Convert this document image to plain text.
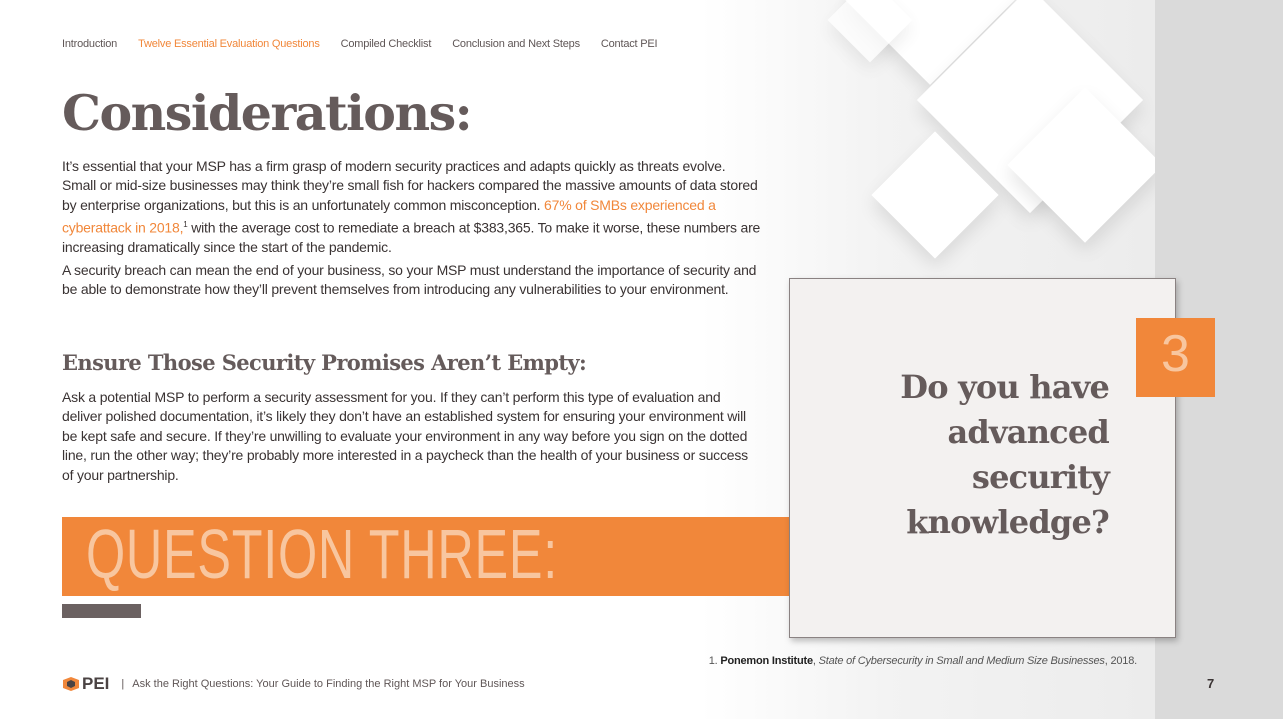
Introduction Twelve Essential Evaluation Questions Compiled Checklist Conclusion and Next Steps Contact PEI
Considerations:

It’s essential that your MSP has a firm grasp of modern security practices and adapts quickly as threats evolve. Small or mid-size businesses may think they’re small fish for hackers compared the massive amounts of data stored by enterprise organizations, but this is an unfortunately common misconception. 67% of SMBs experienced a cyberattack in 2018,$^1$ with the average cost to remediate a breach at $383,365. To make it worse, these numbers are increasing dramatically since the start of the pandemic.

A security breach can mean the end of your business, so your MSP must understand the importance of security and be able to demonstrate how they’ll prevent themselves from introducing any vulnerabilities to your environment.

Ensure Those Security Promises Aren’t Empty:

Ask a potential MSP to perform a security assessment for you. If they can’t perform this type of evaluation and deliver polished documentation, it’s likely they don’t have an established system for ensuring your environment will be kept safe and secure. If they’re unwilling to evaluate your environment in any way before you sign on the dotted line, run the other way; they’re probably more interested in a paycheck than the health of your business or success of your partnership.

QUESTION THREE:
Do you have advanced security knowledge?
3
1. Ponemon Institute, State of Cybersecurity in Small and Medium Size Businesses, 2018.
PEI | Ask the Right Questions: Your Guide to Finding the Right MSP for Your Business	7
